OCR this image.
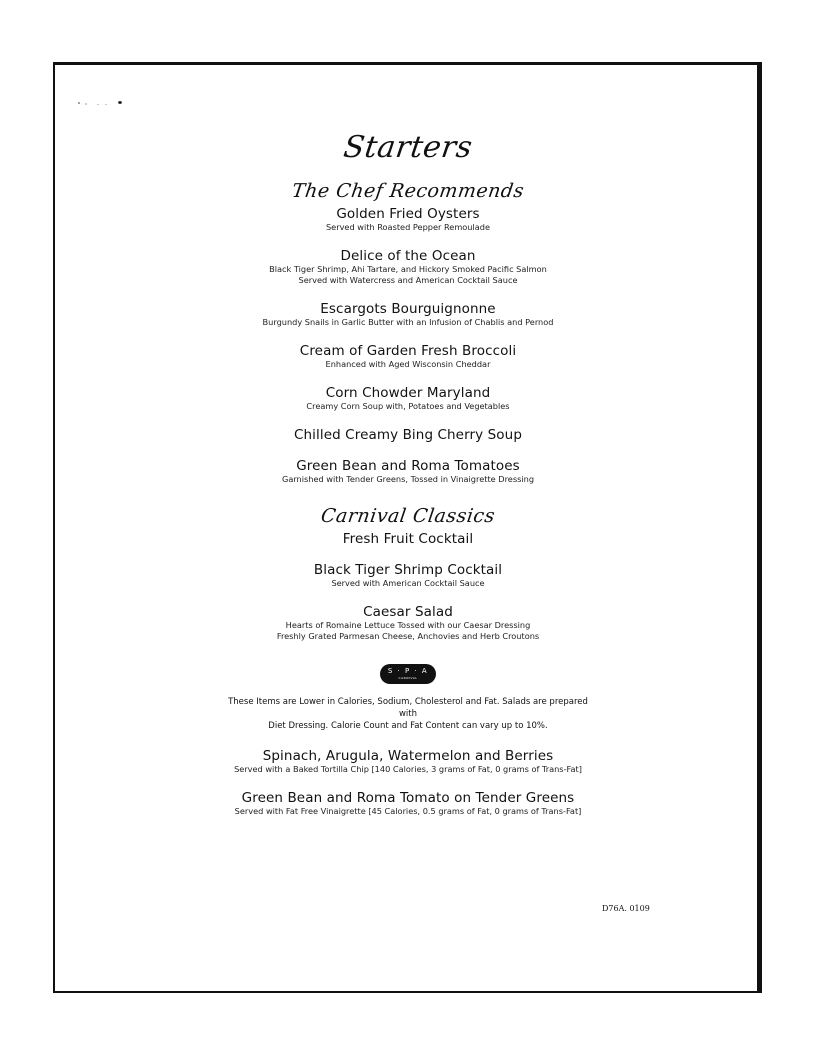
Starters
The Chef Recommends
Golden Fried Oysters
Served with Roasted Pepper Remoulade
Delice of the Ocean
Black Tiger Shrimp, Ahi Tartare, and Hickory Smoked Pacific Salmon
Served with Watercress and American Cocktail Sauce
Escargots Bourguignonne
Burgundy Snails in Garlic Butter with an Infusion of Chablis and Pernod
Cream of Garden Fresh Broccoli
Enhanced with Aged Wisconsin Cheddar
Corn Chowder Maryland
Creamy Corn Soup with, Potatoes and Vegetables
Chilled Creamy Bing Cherry Soup
Green Bean and Roma Tomatoes
Garnished with Tender Greens, Tossed in Vinaigrette Dressing
Carnival Classics
Fresh Fruit Cocktail
Black Tiger Shrimp Cocktail
Served with American Cocktail Sauce
Caesar Salad
Hearts of Romaine Lettuce Tossed with our Caesar Dressing
Freshly Grated Parmesan Cheese, Anchovies and Herb Croutons
S · P · A
CARNIVAL
These Items are Lower in Calories, Sodium, Cholesterol and Fat. Salads are prepared with
Diet Dressing. Calorie Count and Fat Content can vary up to 10%.
Spinach, Arugula, Watermelon and Berries
Served with a Baked Tortilla Chip [140 Calories, 3 grams of Fat, 0 grams of Trans-Fat]
Green Bean and Roma Tomato on Tender Greens
Served with Fat Free Vinaigrette [45 Calories, 0.5 grams of Fat, 0 grams of Trans-Fat]
D76A. 0109
